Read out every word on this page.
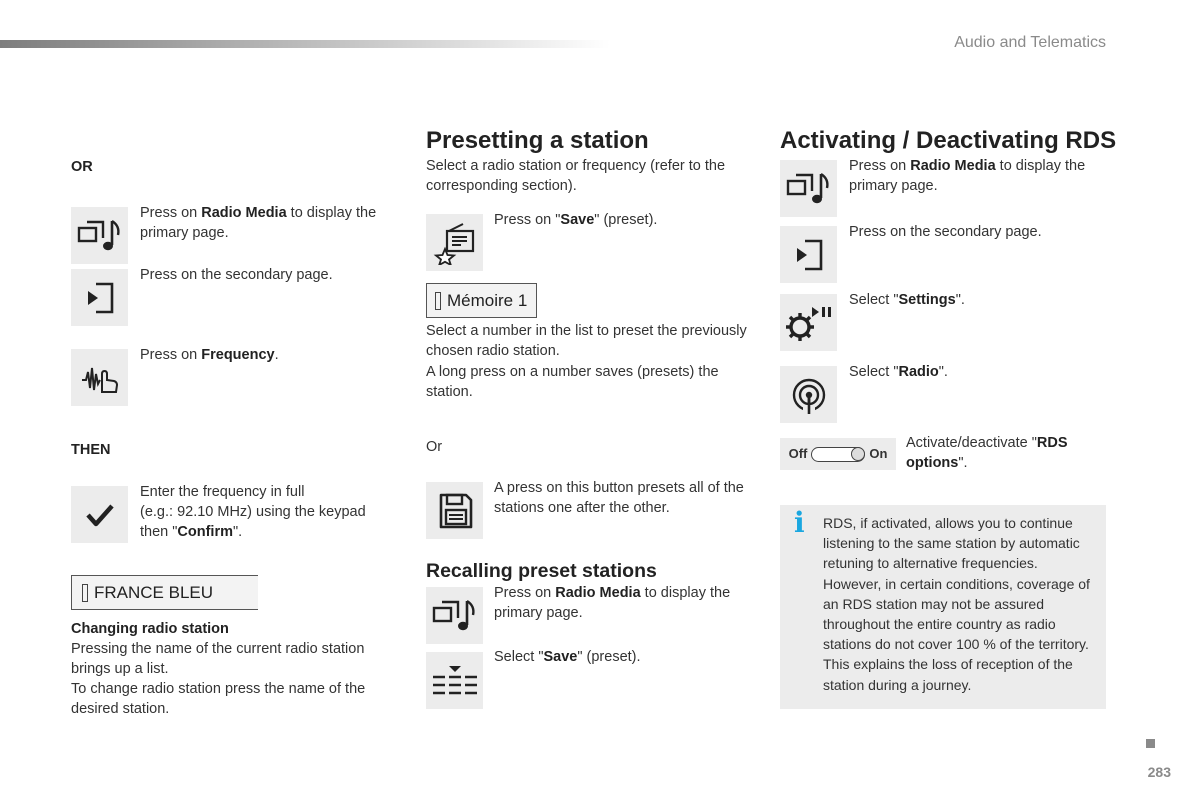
Audio and Telematics
283
OR
Press on Radio Media to display the primary page.
Press on the secondary page.
Press on Frequency.
THEN
Enter the frequency in full
(e.g.: 92.10 MHz) using the keypad
then "Confirm".
FRANCE BLEU
Changing radio station
Pressing the name of the current radio station brings up a list.
To change radio station press the name of the desired station.
Presetting a station
Select a radio station or frequency (refer to the corresponding section).
Press on "Save" (preset).
Mémoire 1
Select a number in the list to preset the previously chosen radio station.
A long press on a number saves (presets) the station.
Or
A press on this button presets all of the stations one after the other.
Recalling preset stations
Press on Radio Media to display the primary page.
Select "Save" (preset).
Activating / Deactivating RDS
Press on Radio Media to display the primary page.
Press on the secondary page.
Select "Settings".
Select "Radio".
Off	On
Activate/deactivate "RDS options".
i RDS, if activated, allows you to continue listening to the same station by automatic retuning to alternative frequencies. However, in certain conditions, coverage of an RDS station may not be assured throughout the entire country as radio stations do not cover 100 % of the territory. This explains the loss of reception of the station during a journey.
